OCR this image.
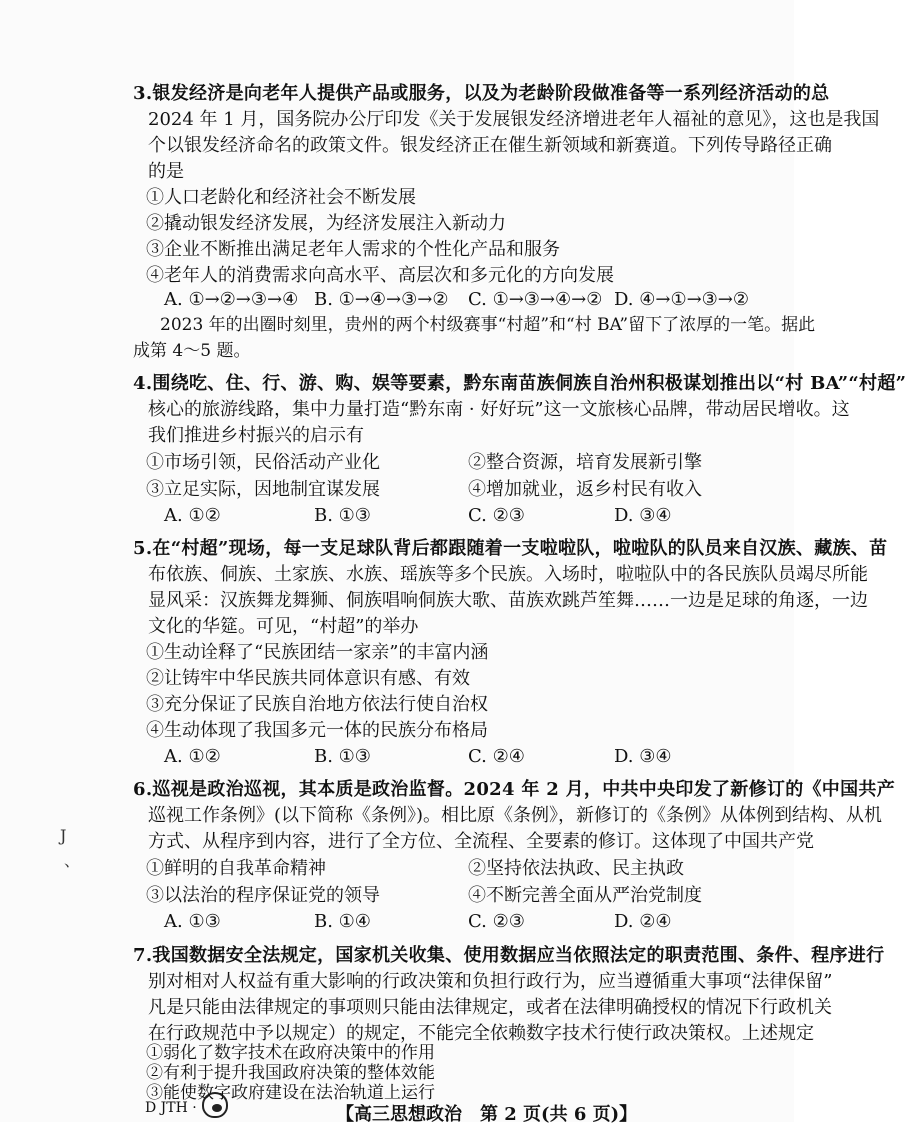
3.银发经济是向老年人提供产品或服务，以及为老龄阶段做准备等一系列经济活动的总
2024 年 1 月，国务院办公厅印发《关于发展银发经济增进老年人福祉的意见》，这也是我国
个以银发经济命名的政策文件。银发经济正在催生新领域和新赛道。下列传导路径正确
的是
①人口老龄化和经济社会不断发展
②撬动银发经济发展，为经济发展注入新动力
③企业不断推出满足老年人需求的个性化产品和服务
④老年人的消费需求向高水平、高层次和多元化的方向发展
A. ①→②→③→④ B. ①→④→③→② C. ①→③→④→② D. ④→①→③→②
2023 年的出圈时刻里，贵州的两个村级赛事“村超”和“村 BA”留下了浓厚的一笔。据此
成第 4～5 题。
4.围绕吃、住、行、游、购、娱等要素，黔东南苗族侗族自治州积极谋划推出以“村 BA”“村超”
核心的旅游线路，集中力量打造“黔东南 · 好好玩”这一文旅核心品牌，带动居民增收。这
我们推进乡村振兴的启示有
①市场引领，民俗活动产业化	②整合资源，培育发展新引擎
③立足实际，因地制宜谋发展	④增加就业，返乡村民有收入
A. ①②	B. ①③	C. ②③	D. ③④
5.在“村超”现场，每一支足球队背后都跟随着一支啦啦队，啦啦队的队员来自汉族、藏族、苗
布依族、侗族、土家族、水族、瑶族等多个民族。入场时，啦啦队中的各民族队员竭尽所能
显风采：汉族舞龙舞狮、侗族唱响侗族大歌、苗族欢跳芦笙舞……一边是足球的角逐，一边
文化的华筵。可见，“村超”的举办
①生动诠释了“民族团结一家亲”的丰富内涵
②让铸牢中华民族共同体意识有感、有效
③充分保证了民族自治地方依法行使自治权
④生动体现了我国多元一体的民族分布格局
A. ①②	B. ①③	C. ②④	D. ③④
6.巡视是政治巡视，其本质是政治监督。2024 年 2 月，中共中央印发了新修订的《中国共产
巡视工作条例》(以下简称《条例》)。相比原《条例》，新修订的《条例》从体例到结构、从机
方式、从程序到内容，进行了全方位、全流程、全要素的修订。这体现了中国共产党
①鲜明的自我革命精神	②坚持依法执政、民主执政
③以法治的程序保证党的领导	④不断完善全面从严治党制度
A. ①③	B. ①④	C. ②③	D. ②④
7.我国数据安全法规定，国家机关收集、使用数据应当依照法定的职责范围、条件、程序进行
别对相对人权益有重大影响的行政决策和负担行政行为，应当遵循重大事项“法律保留”
凡是只能由法律规定的事项则只能由法律规定，或者在法律明确授权的情况下行政机关
在行政规范中予以规定）的规定，不能完全依赖数字技术行使行政决策权。上述规定
①弱化了数字技术在政府决策中的作用
D JTH ·	【高三思想政治　第 2 页(共 6 页)】
J
、
②有利于提升我国政府决策的整体效能
③能使数字政府建设在法治轨道上运行
